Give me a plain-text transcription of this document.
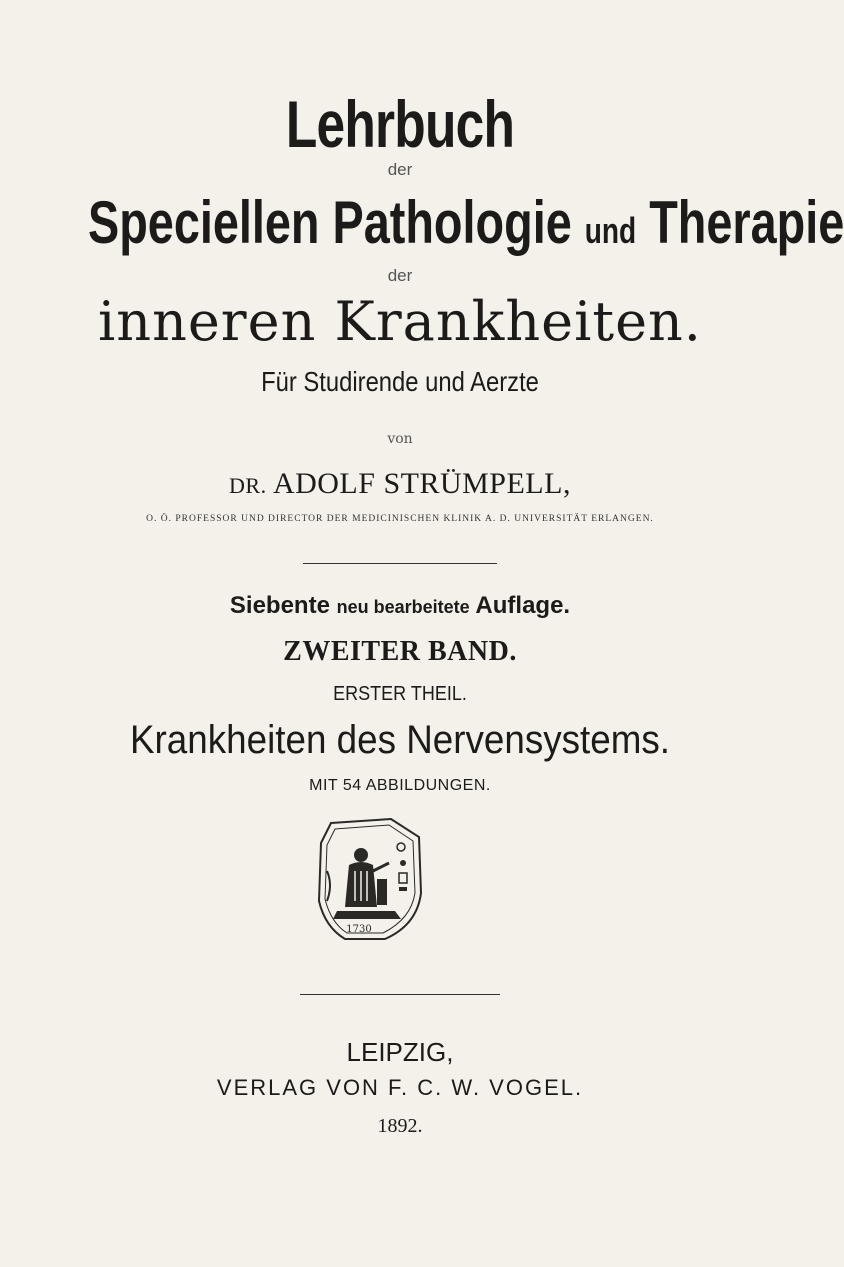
Lehrbuch
der
Speciellen Pathologie und Therapie
der
inneren Krankheiten.
Für Studirende und Aerzte
von
DR. ADOLF STRÜMPELL,
O. Ö. PROFESSOR UND DIRECTOR DER MEDICINISCHEN KLINIK A. D. UNIVERSITÄT ERLANGEN.
Siebente neu bearbeitete Auflage.
ZWEITER BAND.
ERSTER THEIL.
Krankheiten des Nervensystems.
MIT 54 ABBILDUNGEN.
1730
LEIPZIG,
VERLAG VON F. C. W. VOGEL.
1892.
